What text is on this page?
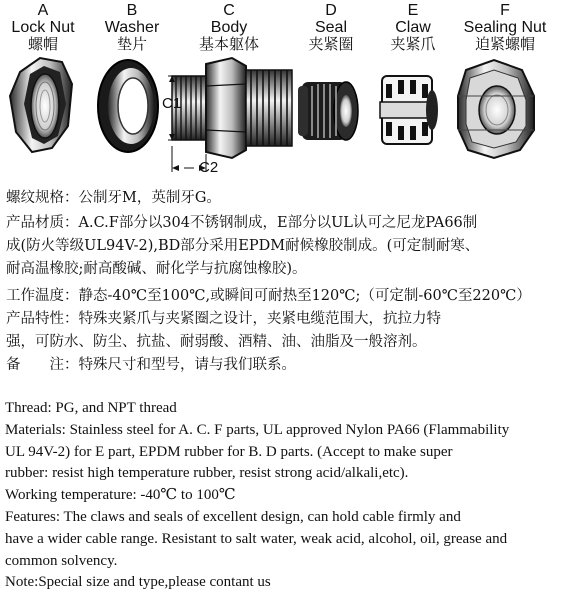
A
Lock Nut
螺帽
B
Washer
垫片
C
Body
基本躯体
D
Seal
夹紧圈
E
Claw
夹紧爪
F
Sealing Nut
迫紧螺帽
C1
C2

螺纹规格：公制牙M，英制牙G。

产品材质：A.C.F部分以304不锈钢制成，E部分以UL认可之尼龙PA66制

成(防火等级UL94V-2),BD部分采用EPDM耐候橡胶制成。(可定制耐寒、

耐高温橡胶;耐高酸碱、耐化学与抗腐蚀橡胶)。

工作温度：静态-40℃至100℃,或瞬间可耐热至120℃;（可定制-60℃至220℃）

产品特性：特殊夹紧爪与夹紧圈之设计，夹紧电缆范围大，抗拉力特

强，可防水、防尘、抗盐、耐弱酸、酒精、油、油脂及一般溶剂。

备　　注：特殊尺寸和型号，请与我们联系。

Thread: PG, and NPT thread

Materials: Stainless steel for A. C. F parts, UL approved Nylon PA66 (Flammability

UL 94V-2) for E part, EPDM rubber for B. D parts. (Accept to make super

rubber: resist high temperature rubber, resist strong acid/alkali,etc).

Working temperature: -40℃ to 100℃

Features: The claws and seals of excellent design, can hold cable firmly and

have a wider cable range. Resistant to salt water, weak acid, alcohol, oil, grease and

common solvency.

Note:Special size and type,please contant us
